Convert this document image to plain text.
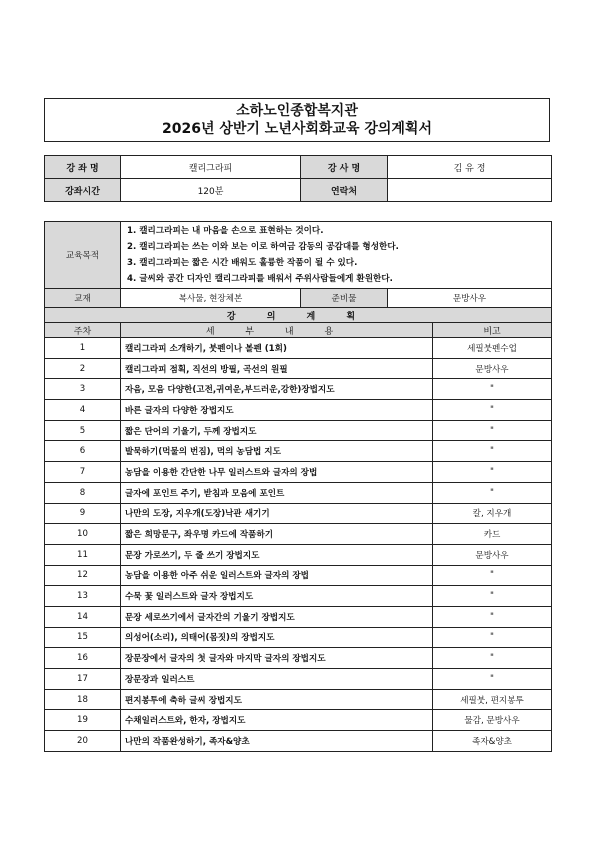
소하노인종합복지관
2026년 상반기 노년사회화교육 강의계획서
강 좌 명	캘리그라피	강 사 명	김 유 정
강좌시간	120분	연락처	
교육목적	1. 캘리그라피는 내 마음을 손으로 표현하는 것이다.
2. 캘리그라피는 쓰는 이와 보는 이로 하여금 감동의 공감대를 형성한다.
3. 캘리그라피는 짧은 시간 배워도 훌륭한 작품이 될 수 있다.
4. 글씨와 공간 디자인 캘리그라피를 배워서 주위사람들에게 환원한다.			

교재	복사물, 현장체본	준비물	문방사우	
강 의 계 획				
주차	세 부 내 용			비고
1	캘리그라피 소개하기, 붓펜이나 볼펜 (1회)			세필붓펜수업
2	캘리그라피 점획, 직선의 방필, 곡선의 원필			문방사우
3	자음, 모음 다양한(고전,귀여운,부드러운,강한)장법지도			"
4	바른 글자의 다양한 장법지도			"
5	짧은 단어의 기울기, 두께 장법지도			"
6	발묵하기(먹물의 번짐), 먹의 농담법 지도			"
7	농담을 이용한 간단한 나무 일러스트와 글자의 장법			"
8	글자에 포인트 주기, 받침과 모음에 포인트			"
9	나만의 도장, 지우개(도장)낙관 새기기			칼, 지우개
10	짧은 희망문구, 좌우명 카드에 작품하기			카드
11	문장 가로쓰기, 두 줄 쓰기 장법지도			문방사우
12	농담을 이용한 아주 쉬운 일러스트와 글자의 장법			"
13	수묵 꽃 일러스트와 글자 장법지도			"
14	문장 세로쓰기에서 글자간의 기울기 장법지도			"
15	의성어(소리), 의태어(몸짓)의 장법지도			"
16	장문장에서 글자의 첫 글자와 마지막 글자의 장법지도			"
17	장문장과 일러스트			"
18	편지봉투에 축하 글씨 장법지도			세필붓, 편지봉투
19	수채일러스트와, 한자, 장법지도			물감, 문방사우
20	나만의 작품완성하기, 족자&양초			족자&양초
